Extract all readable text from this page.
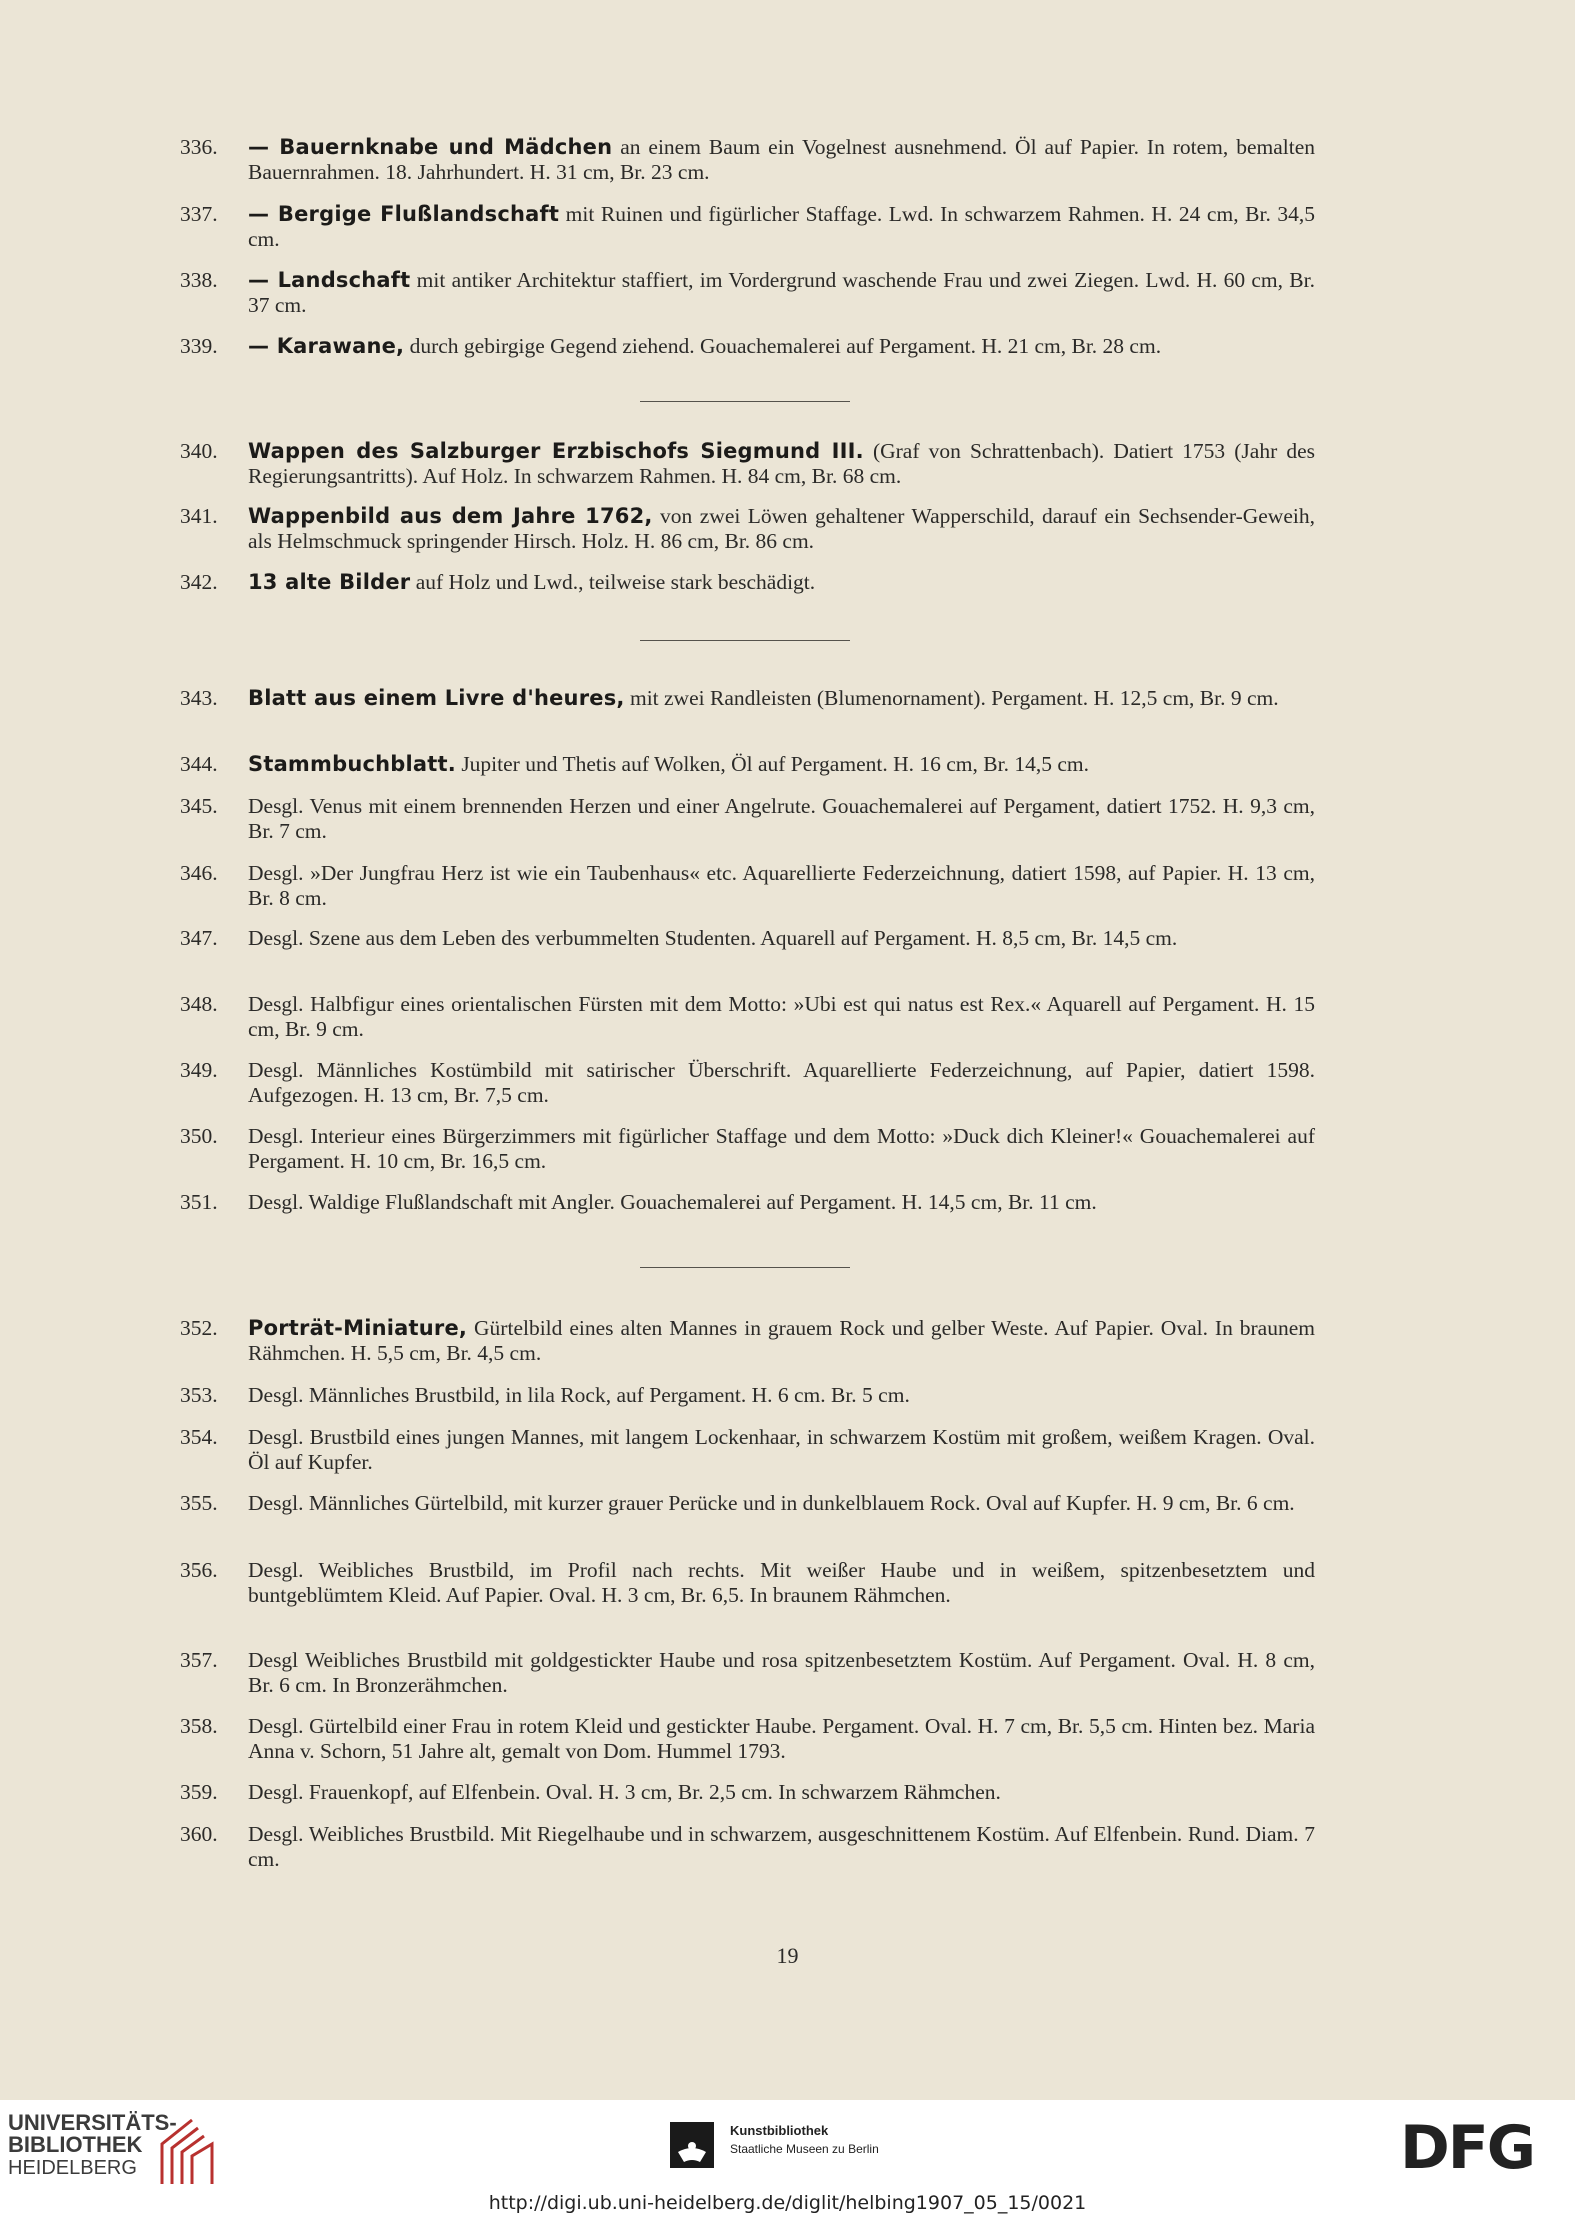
336. — Bauernknabe und Mädchen an einem Baum ein Vogelnest ausnehmend. Öl auf Papier. In rotem, bemalten Bauernrahmen. 18. Jahrhundert. H. 31 cm, Br. 23 cm.
337. — Bergige Flußlandschaft mit Ruinen und figürlicher Staffage. Lwd. In schwarzem Rahmen. H. 24 cm, Br. 34,5 cm.
338. — Landschaft mit antiker Architektur staffiert, im Vordergrund waschende Frau und zwei Ziegen. Lwd. H. 60 cm, Br. 37 cm.
339. — Karawane, durch gebirgige Gegend ziehend. Gouachemalerei auf Pergament. H. 21 cm, Br. 28 cm.
340. Wappen des Salzburger Erzbischofs Siegmund III. (Graf von Schrattenbach). Datiert 1753 (Jahr des Regierungsantritts). Auf Holz. In schwarzem Rahmen. H. 84 cm, Br. 68 cm.
341. Wappenbild aus dem Jahre 1762, von zwei Löwen gehaltener Wapperschild, darauf ein Sechsender-Geweih, als Helmschmuck springender Hirsch. Holz. H. 86 cm, Br. 86 cm.
342. 13 alte Bilder auf Holz und Lwd., teilweise stark beschädigt.
343. Blatt aus einem Livre d'heures, mit zwei Randleisten (Blumenornament). Pergament. H. 12,5 cm, Br. 9 cm.
344. Stammbuchblatt. Jupiter und Thetis auf Wolken, Öl auf Pergament. H. 16 cm, Br. 14,5 cm.
345. Desgl. Venus mit einem brennenden Herzen und einer Angelrute. Gouachemalerei auf Pergament, datiert 1752. H. 9,3 cm, Br. 7 cm.
346. Desgl. »Der Jungfrau Herz ist wie ein Taubenhaus« etc. Aquarellierte Federzeichnung, datiert 1598, auf Papier. H. 13 cm, Br. 8 cm.
347. Desgl. Szene aus dem Leben des verbummelten Studenten. Aquarell auf Pergament. H. 8,5 cm, Br. 14,5 cm.
348. Desgl. Halbfigur eines orientalischen Fürsten mit dem Motto: »Ubi est qui natus est Rex.« Aquarell auf Pergament. H. 15 cm, Br. 9 cm.
349. Desgl. Männliches Kostümbild mit satirischer Überschrift. Aquarellierte Federzeichnung, auf Papier, datiert 1598. Aufgezogen. H. 13 cm, Br. 7,5 cm.
350. Desgl. Interieur eines Bürgerzimmers mit figürlicher Staffage und dem Motto: »Duck dich Kleiner!« Gouachemalerei auf Pergament. H. 10 cm, Br. 16,5 cm.
351. Desgl. Waldige Flußlandschaft mit Angler. Gouachemalerei auf Pergament. H. 14,5 cm, Br. 11 cm.
352. Porträt-Miniature, Gürtelbild eines alten Mannes in grauem Rock und gelber Weste. Auf Papier. Oval. In braunem Rähmchen. H. 5,5 cm, Br. 4,5 cm.
353. Desgl. Männliches Brustbild, in lila Rock, auf Pergament. H. 6 cm. Br. 5 cm.
354. Desgl. Brustbild eines jungen Mannes, mit langem Lockenhaar, in schwarzem Kostüm mit großem, weißem Kragen. Oval. Öl auf Kupfer.
355. Desgl. Männliches Gürtelbild, mit kurzer grauer Perücke und in dunkelblauem Rock. Oval auf Kupfer. H. 9 cm, Br. 6 cm.
356. Desgl. Weibliches Brustbild, im Profil nach rechts. Mit weißer Haube und in weißem, spitzenbesetztem und buntgeblümtem Kleid. Auf Papier. Oval. H. 3 cm, Br. 6,5. In braunem Rähmchen.
357. Desgl Weibliches Brustbild mit goldgestickter Haube und rosa spitzenbesetztem Kostüm. Auf Pergament. Oval. H. 8 cm, Br. 6 cm. In Bronzerähmchen.
358. Desgl. Gürtelbild einer Frau in rotem Kleid und gestickter Haube. Pergament. Oval. H. 7 cm, Br. 5,5 cm. Hinten bez. Maria Anna v. Schorn, 51 Jahre alt, gemalt von Dom. Hummel 1793.
359. Desgl. Frauenkopf, auf Elfenbein. Oval. H. 3 cm, Br. 2,5 cm. In schwarzem Rähmchen.
360. Desgl. Weibliches Brustbild. Mit Riegelhaube und in schwarzem, ausgeschnittenem Kostüm. Auf Elfenbein. Rund. Diam. 7 cm.
19
UNIVERSITÄTS-
BIBLIOTHEK
HEIDELBERG
Kunstbibliothek
Staatliche Museen zu Berlin	DFG
http://digi.ub.uni-heidelberg.de/diglit/helbing1907_05_15/0021
